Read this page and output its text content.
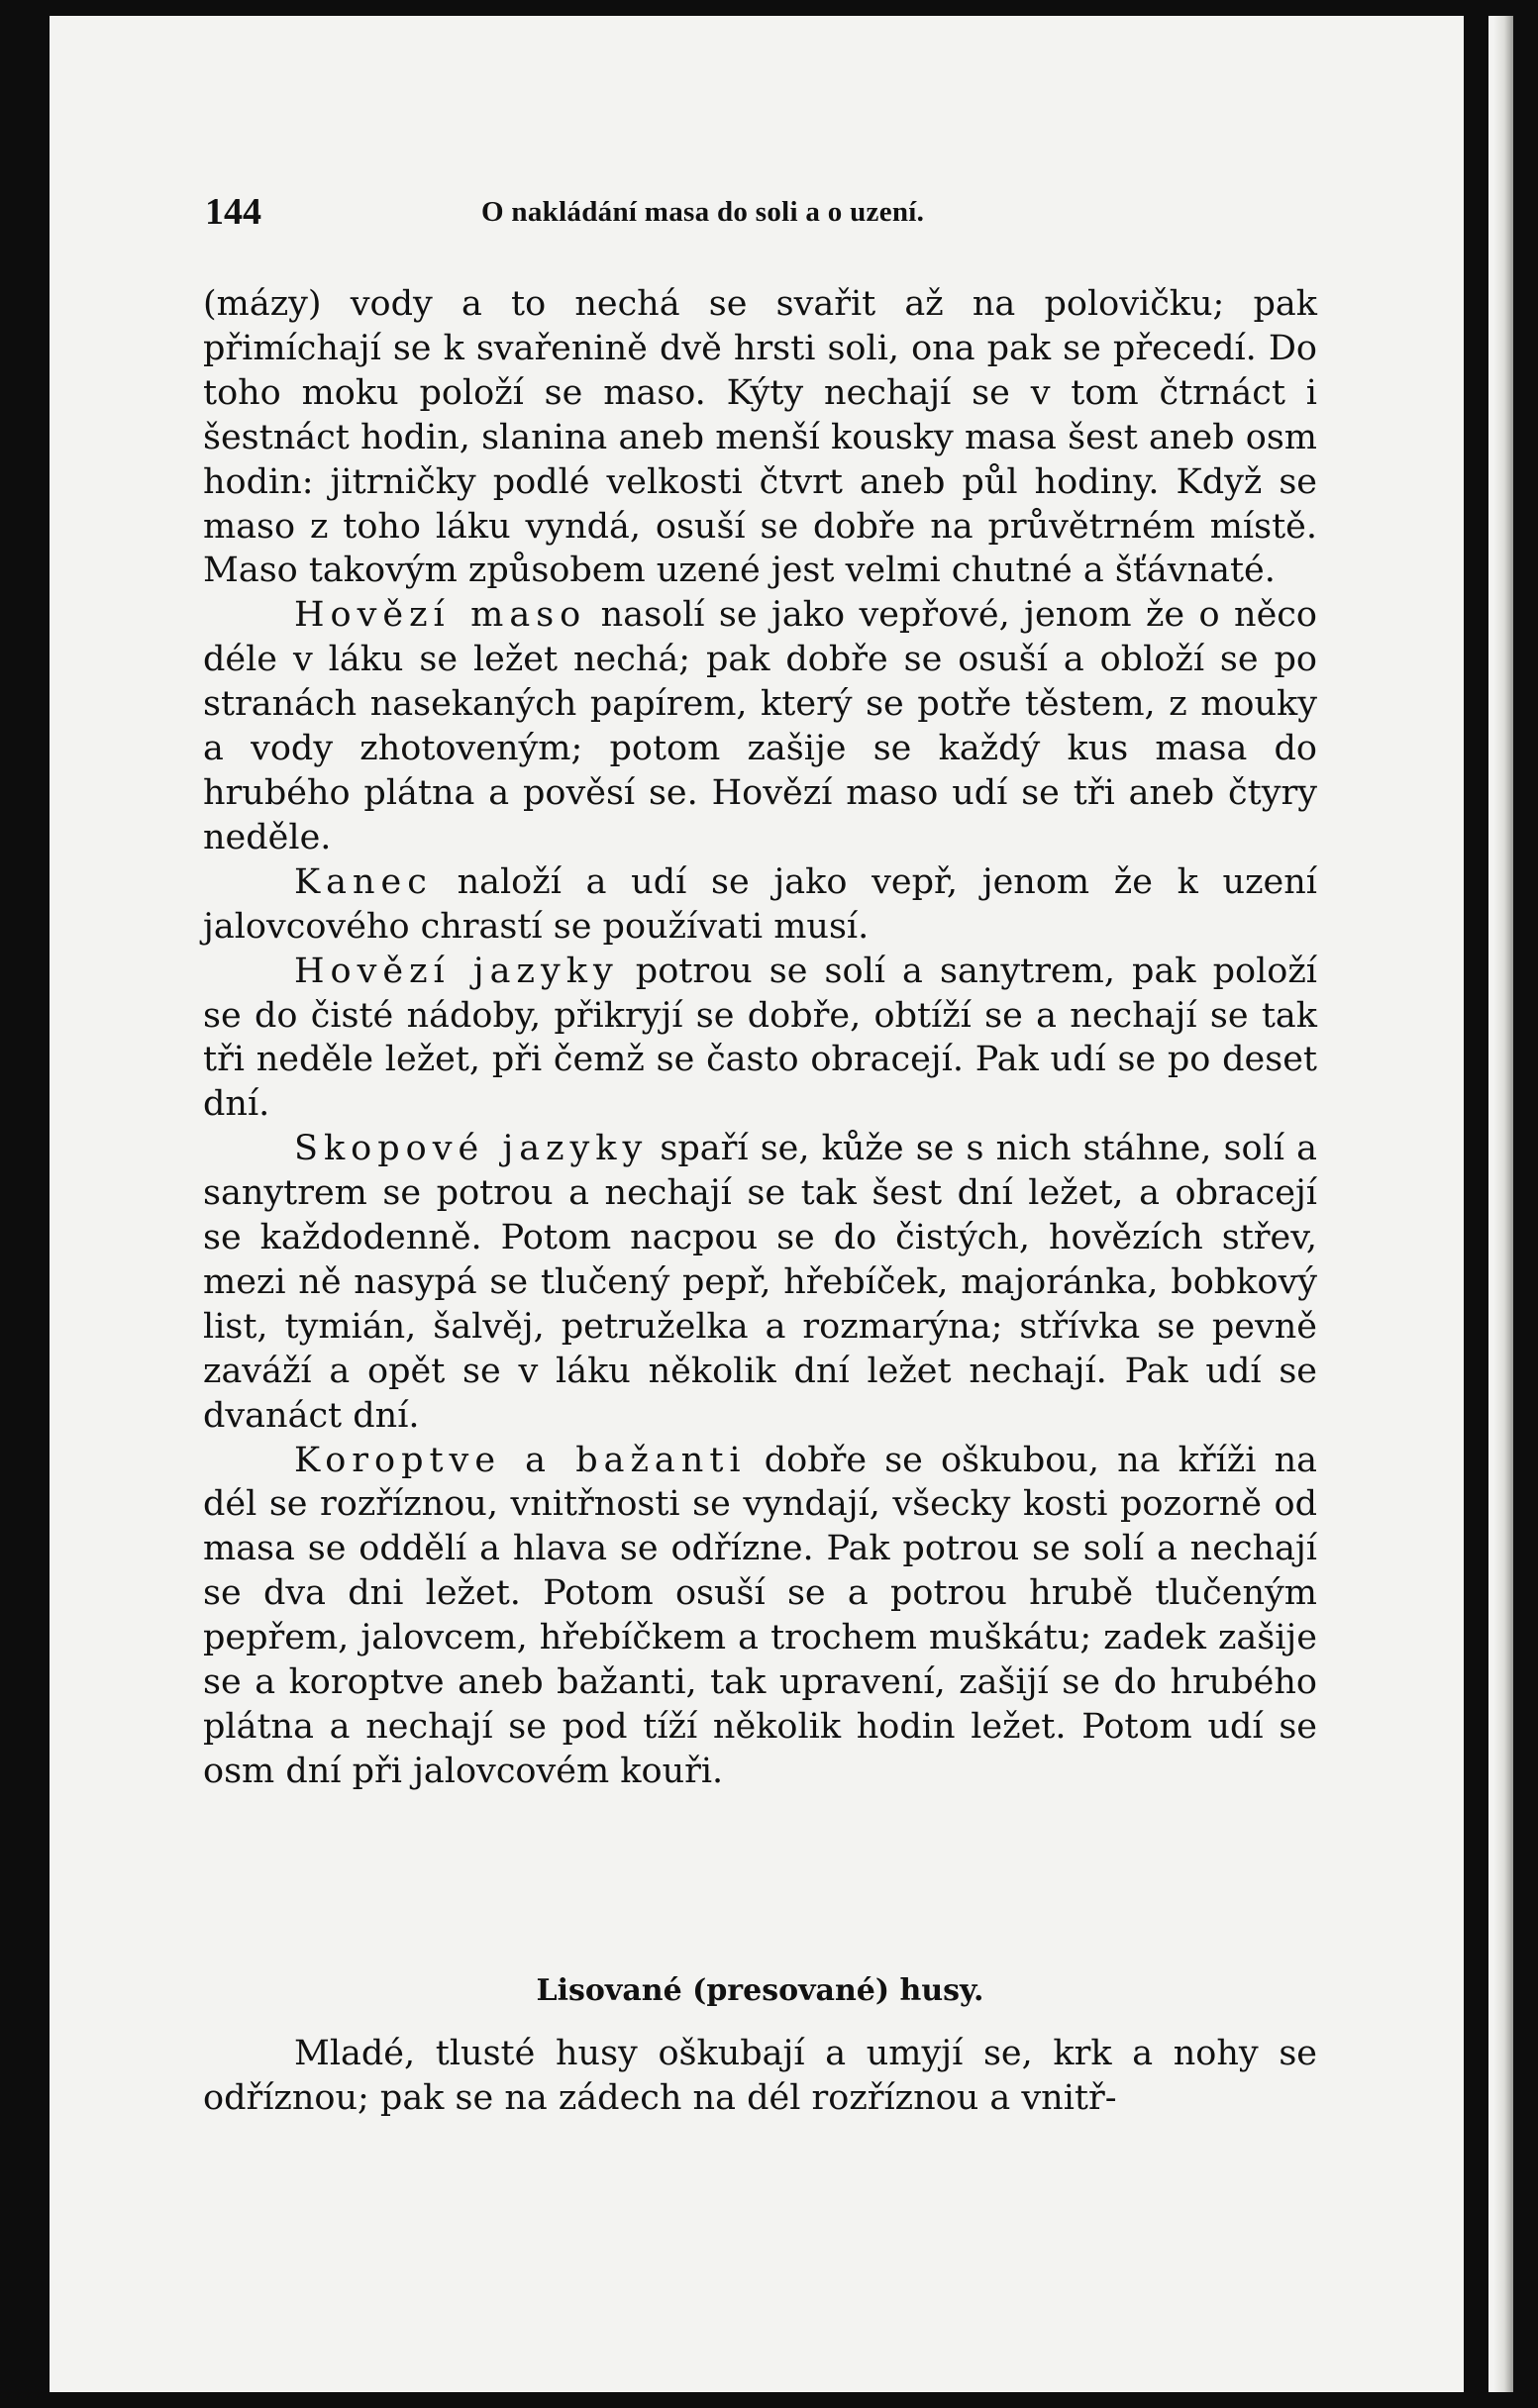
144	O nakládání masa do soli a o uzení.

(mázy) vody a to nechá se svařit až na polovičku; pak přimíchají se k svařenině dvě hrsti soli, ona pak se přecedí. Do toho moku položí se maso. Kýty nechají se v tom čtrnáct i šestnáct hodin, slanina aneb menší kousky masa šest aneb osm hodin: jitrničky podlé velkosti čtvrt aneb půl hodiny. Když se maso z toho láku vyndá, osuší se dobře na průvětrném místě. Maso takovým způsobem uzené jest velmi chutné a šťávnaté.

Hovězí maso nasolí se jako vepřové, jenom že o něco déle v láku se ležet nechá; pak dobře se osuší a obloží se po stranách nasekaných papírem, který se potře těstem, z mouky a vody zhotoveným; potom zašije se každý kus masa do hrubého plátna a pověsí se. Hovězí maso udí se tři aneb čtyry neděle.

Kanec naloží a udí se jako vepř, jenom že k uzení jalovcového chrastí se používati musí.

Hovězí jazyky potrou se solí a sanytrem, pak položí se do čisté nádoby, přikryjí se dobře, obtíží se a nechají se tak tři neděle ležet, při čemž se často obracejí. Pak udí se po deset dní.

Skopové jazyky spaří se, kůže se s nich stáhne, solí a sanytrem se potrou a nechají se tak šest dní ležet, a obracejí se každodenně. Potom nacpou se do čistých, hovězích střev, mezi ně nasypá se tlučený pepř, hřebíček, majoránka, bobkový list, tymián, šalvěj, petruželka a rozmarýna; střívka se pevně zaváží a opět se v láku několik dní ležet nechají. Pak udí se dvanáct dní.

Koroptve a bažanti dobře se oškubou, na kříži na dél se rozříznou, vnitřnosti se vyndají, všecky kosti pozorně od masa se oddělí a hlava se odřízne. Pak potrou se solí a nechají se dva dni ležet. Potom osuší se a potrou hrubě tlučeným pepřem, jalovcem, hřebíčkem a trochem muškátu; zadek zašije se a koroptve aneb bažanti, tak upravení, zašijí se do hrubého plátna a nechají se pod tíží několik hodin ležet. Potom udí se osm dní při jalovcovém kouři.

Lisované (presované) husy.

Mladé, tlusté husy oškubají a umyjí se, krk a nohy se odříznou; pak se na zádech na dél rozříznou a vnitř-
